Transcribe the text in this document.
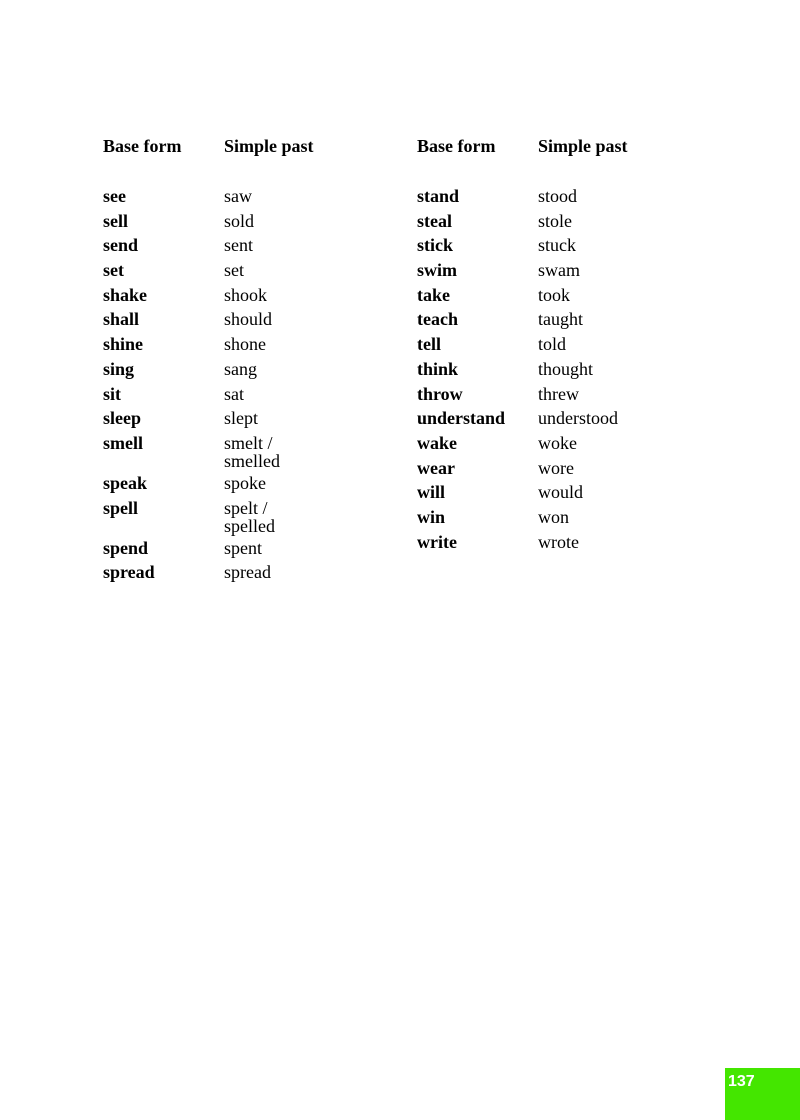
Base form	Simple past
see	saw
sell	sold
send	sent
set	set
shake	shook
shall	should
shine	shone
sing	sang
sit	sat
sleep	slept
smell	smelt /
smelled
speak	spoke
spell	spelt /
spelled
spend	spent
spread	spread
Base form	Simple past
stand	stood
steal	stole
stick	stuck
swim	swam
take	took
teach	taught
tell	told
think	thought
throw	threw
understand	understood
wake	woke
wear	wore
will	would
win	won
write	wrote
137
